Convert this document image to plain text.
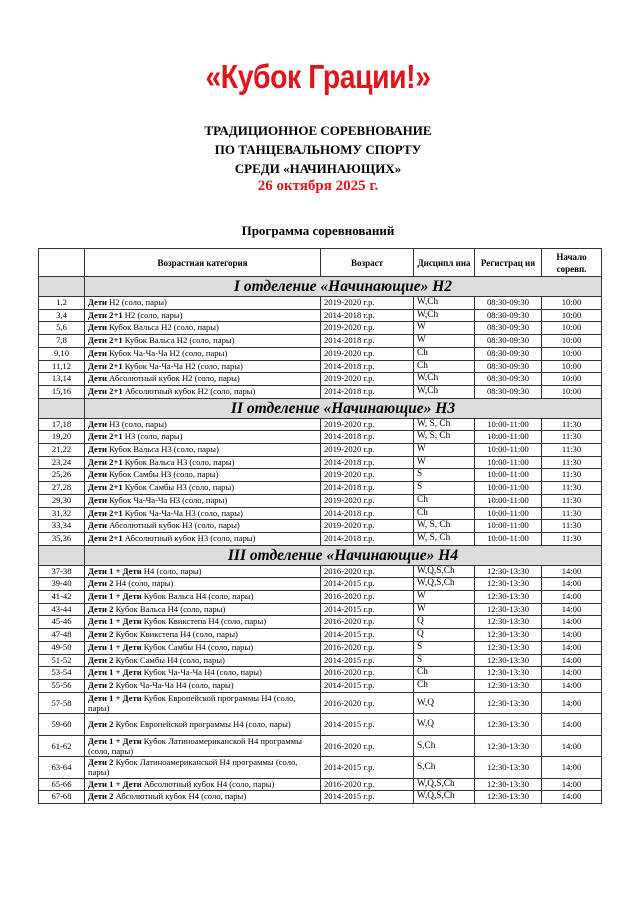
«Кубок Грации!»
ТРАДИЦИОННОЕ СОРЕВНОВАНИЕ
ПО ТАНЦЕВАЛЬНОМУ СПОРТУ
СРЕДИ «НАЧИНАЮЩИХ»
26 октября 2025 г.
Программа соревнований
	Возрастная категория	Возраст	Дисципл ина	Регистрац ия	Начало соревп.
	I отделение «Начинающие» Н2				
1,2	Дети Н2 (соло, пары)	2019-2020 г.р.	W,Ch	08:30-09:30	10:00
3,4	Дети 2+1 Н2 (соло, пары)	2014-2018 г.р.	W,Ch	08:30-09:30	10:00
5,6	Дети Кубок Вальса Н2 (соло, пары)	2019-2020 г.р.	W	08:30-09:30	10:00
7,8	Дети 2+1 Кубок Вальса Н2 (соло, пары)	2014-2018 г.р.	W	08:30-09:30	10:00
9,10	Дети Кубок Ча-Ча-Ча Н2 (соло, пары)	2019-2020 г.р.	Ch	08:30-09:30	10:00
11,12	Дети 2+1 Кубок Ча-Ча-Ча Н2 (соло, пары)	2014-2018 г.р.	Ch	08:30-09:30	10:00
13,14	Дети Абсолютный кубок Н2 (соло, пары)	2019-2020 г.р.	W,Ch	08:30-09:30	10:00
15,16	Дети 2+1 Абсолютный кубок Н2 (соло, пары)	2014-2018 г.р.	W,Ch	08:30-09:30	10:00
	II отделение «Начинающие» Н3				
17,18	Дети Н3 (соло, пары)	2019-2020 г.р.	W, S, Ch	10:00-11:00	11:30
19,20	Дети 2+1 Н3 (соло, пары)	2014-2018 г.р.	W, S, Ch	10:00-11:00	11:30
21,22	Дети Кубок Вальса Н3 (соло, пары)	2019-2020 г.р.	W	10:00-11:00	11:30
23,24	Дети 2+1 Кубок Вальса Н3 (соло, пары)	2014-2018 г.р.	W	10:00-11:00	11:30
25,26	Дети Кубок Самбы Н3 (соло, пары)	2019-2020 г.р.	S	10:00-11:00	11:30
27,28	Дети 2+1 Кубок Самбы Н3 (соло, пары)	2014-2018 г.р.	S	10:00-11:00	11:30
29,30	Дети Кубок Ча-Ча-Ча Н3 (соло, пары)	2019-2020 г.р.	Ch	10:00-11:00	11:30
31,32	Дети 2+1 Кубок Ча-Ча-Ча Н3 (соло, пары)	2014-2018 г.р.	Ch	10:00-11:00	11:30
33,34	Дети Абсолютный кубок Н3 (соло, пары)	2019-2020 г.р.	W, S, Ch	10:00-11:00	11:30
35,36	Дети 2+1 Абсолютный кубок Н3 (соло, пары)	2014-2018 г.р.	W, S, Ch	10:00-11:00	11:30
	III отделение «Начинающие» Н4				
37-38	Дети 1 + Дети Н4 (соло, пары)	2016-2020 г.р.	W,Q,S,Ch	12:30-13:30	14:00
39-40	Дети 2 Н4 (соло, пары)	2014-2015 г.р.	W,Q,S,Ch	12:30-13:30	14:00
41-42	Дети 1 + Дети Кубок Вальса Н4 (соло, пары)	2016-2020 г.р.	W	12:30-13:30	14:00
43-44	Дети 2 Кубок Вальса Н4 (соло, пары)	2014-2015 г.р.	W	12:30-13:30	14:00
45-46	Дети 1 + Дети Кубок Квикстепа Н4 (соло, пары)	2016-2020 г.р.	Q	12:30-13:30	14:00
47-48	Дети 2 Кубок Квикстепа Н4 (соло, пары)	2014-2015 г.р.	Q	12:30-13:30	14:00
49-50	Дети 1 + Дети Кубок Самбы Н4 (соло, пары)	2016-2020 г.р.	S	12:30-13:30	14:00
51-52	Дети 2 Кубок Самбы Н4 (соло, пары)	2014-2015 г.р.	S	12:30-13:30	14:00
53-54	Дети 1 + Дети Кубок Ча-Ча-Ча Н4 (соло, пары)	2016-2020 г.р.	Ch	12:30-13:30	14:00
55-56	Дети 2 Кубок Ча-Ча-Ча Н4 (соло, пары)	2014-2015 г.р.	Ch	12:30-13:30	14:00
57-58	Дети 1 + Дети Кубок Европейской программы Н4 (соло, пары)	2016-2020 г.р.	W,Q	12:30-13:30	14:00
59-60	Дети 2 Кубок Европейской программы Н4 (соло, пары)	2014-2015 г.р.	W,Q	12:30-13:30	14:00
61-62	Дети 1 + Дети Кубок Латиноамериканской Н4 программы (соло, пары)	2016-2020 г.р.	S,Ch	12:30-13:30	14:00
63-64	Дети 2 Кубок Латиноамериканской Н4 программы (соло, пары)	2014-2015 г.р.	S,Ch	12:30-13:30	14:00
65-66	Дети 1 + Дети Абсолютный кубок Н4 (соло, пары)	2016-2020 г.р.	W,Q,S,Ch	12:30-13:30	14:00
67-68	Дети 2 Абсолютный кубок Н4 (соло, пары)	2014-2015 г.р.	W,Q,S,Ch	12:30-13:30	14:00
